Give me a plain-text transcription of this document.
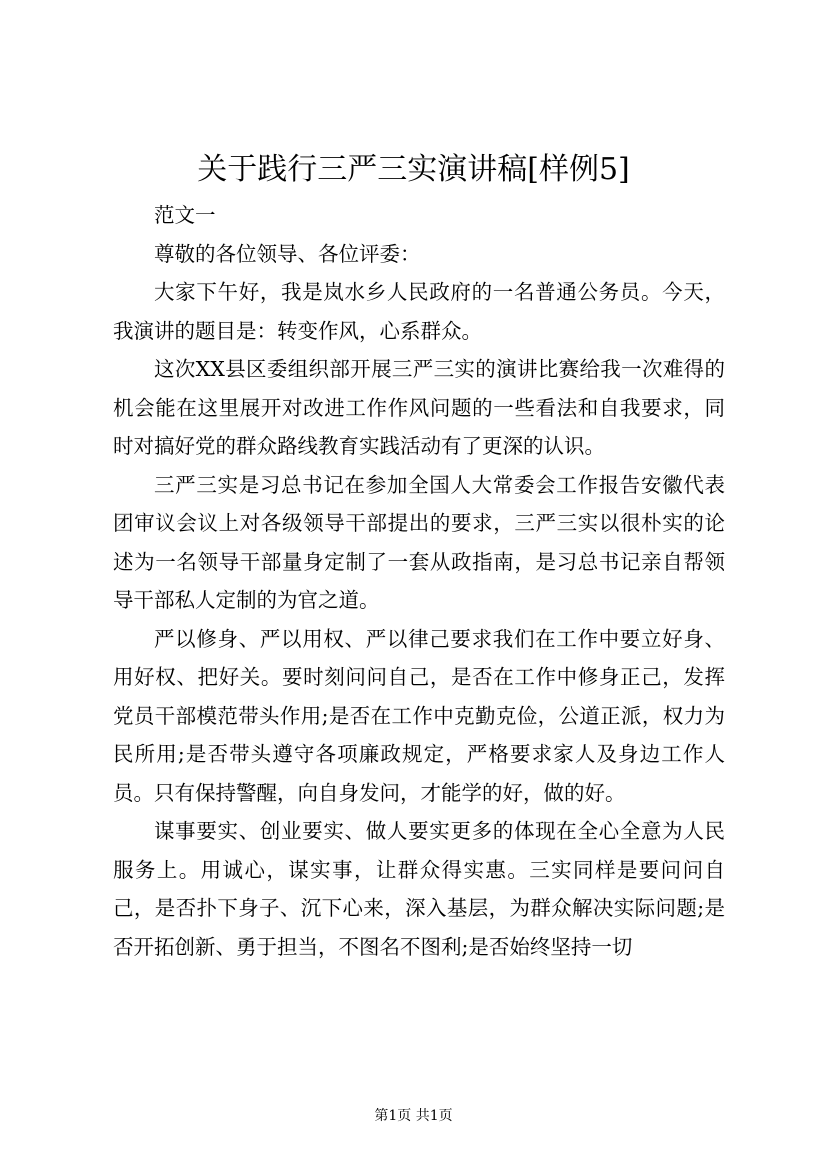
关于践行三严三实演讲稿[样例5]

范文一

尊敬的各位领导、各位评委：

大家下午好，我是岚水乡人民政府的一名普通公务员。今天，我演讲的题目是：转变作风，心系群众。

这次XX县区委组织部开展三严三实的演讲比赛给我一次难得的机会能在这里展开对改进工作作风问题的一些看法和自我要求，同时对搞好党的群众路线教育实践活动有了更深的认识。

三严三实是习总书记在参加全国人大常委会工作报告安徽代表团审议会议上对各级领导干部提出的要求，三严三实以很朴实的论述为一名领导干部量身定制了一套从政指南，是习总书记亲自帮领导干部私人定制的为官之道。

严以修身、严以用权、严以律己要求我们在工作中要立好身、用好权、把好关。要时刻问问自己，是否在工作中修身正己，发挥党员干部模范带头作用;是否在工作中克勤克俭，公道正派，权力为民所用;是否带头遵守各项廉政规定，严格要求家人及身边工作人员。只有保持警醒，向自身发问，才能学的好，做的好。

谋事要实、创业要实、做人要实更多的体现在全心全意为人民服务上。用诚心，谋实事，让群众得实惠。三实同样是要问问自己，是否扑下身子、沉下心来，深入基层，为群众解决实际问题;是否开拓创新、勇于担当，不图名不图利;是否始终坚持一切

第1页 共1页
